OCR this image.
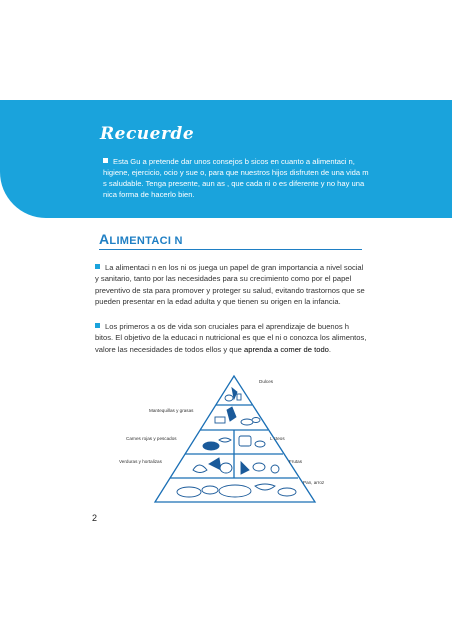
Recuerde
Esta Gu a pretende dar unos consejos b sicos en cuanto a alimentaci n, higiene, ejercicio, ocio y sue o, para que nuestros hijos disfruten de una vida m s saludable. Tenga presente, aun as , que cada ni o es diferente y no hay una nica forma de hacerlo bien.
ALIMENTACI N
La alimentaci n en los ni os juega un papel de gran importancia a nivel social y sanitario, tanto por las necesidades para su crecimiento como por el papel preventivo de sta para promover y proteger su salud, evitando trastornos que se pueden presentar en la edad adulta y que tienen su origen en la infancia.
Los primeros a os de vida son cruciales para el aprendizaje de buenos h bitos. El objetivo de la educaci n nutricional es que el ni o conozca los alimentos, valore las necesidades de todos ellos y que aprenda a comer de todo.
Dulces
Mantequillas y grasas
Carnes rojas y pescados	L cteos
Verduras y hortalizas	Frutas
Pan, arroz
2
